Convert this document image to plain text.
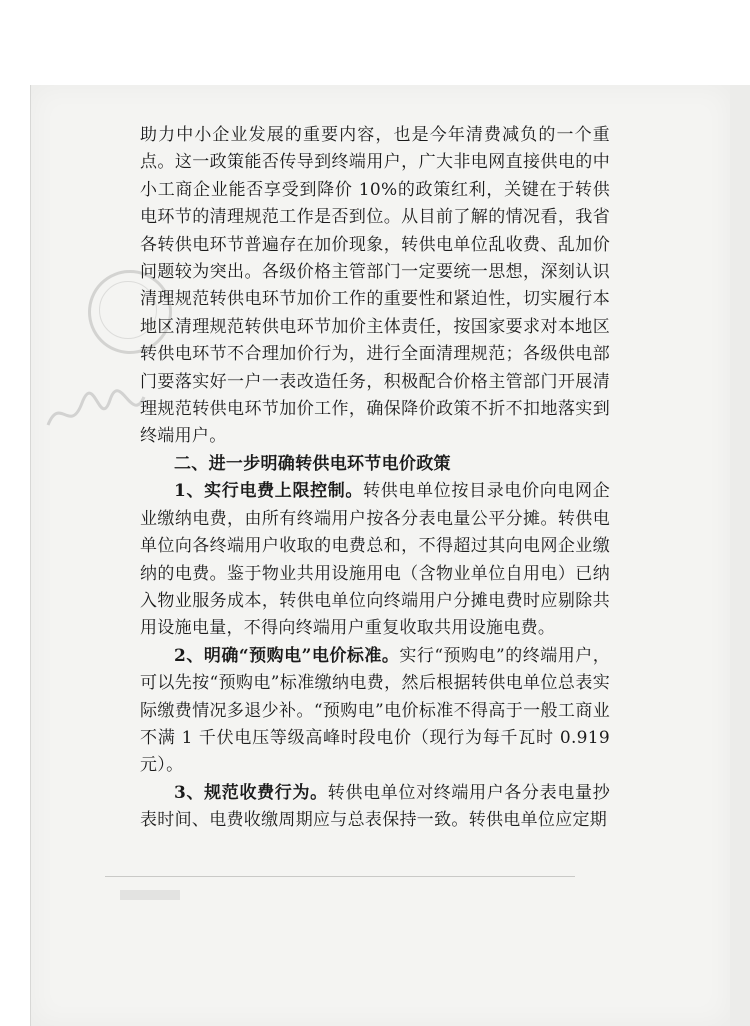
助力中小企业发展的重要内容，也是今年清费减负的一个重点。这一政策能否传导到终端用户，广大非电网直接供电的中小工商企业能否享受到降价 10%的政策红利，关键在于转供电环节的清理规范工作是否到位。从目前了解的情况看，我省各转供电环节普遍存在加价现象，转供电单位乱收费、乱加价问题较为突出。各级价格主管部门一定要统一思想，深刻认识清理规范转供电环节加价工作的重要性和紧迫性，切实履行本地区清理规范转供电环节加价主体责任，按国家要求对本地区转供电环节不合理加价行为，进行全面清理规范；各级供电部门要落实好一户一表改造任务，积极配合价格主管部门开展清理规范转供电环节加价工作，确保降价政策不折不扣地落实到终端用户。

二、进一步明确转供电环节电价政策

1、实行电费上限控制。转供电单位按目录电价向电网企业缴纳电费，由所有终端用户按各分表电量公平分摊。转供电单位向各终端用户收取的电费总和，不得超过其向电网企业缴纳的电费。鉴于物业共用设施用电（含物业单位自用电）已纳入物业服务成本，转供电单位向终端用户分摊电费时应剔除共用设施电量，不得向终端用户重复收取共用设施电费。

2、明确“预购电”电价标准。实行“预购电”的终端用户，可以先按“预购电”标准缴纳电费，然后根据转供电单位总表实际缴费情况多退少补。“预购电”电价标准不得高于一般工商业不满 1 千伏电压等级高峰时段电价（现行为每千瓦时 0.919 元）。

3、规范收费行为。转供电单位对终端用户各分表电量抄表时间、电费收缴周期应与总表保持一致。转供电单位应定期
